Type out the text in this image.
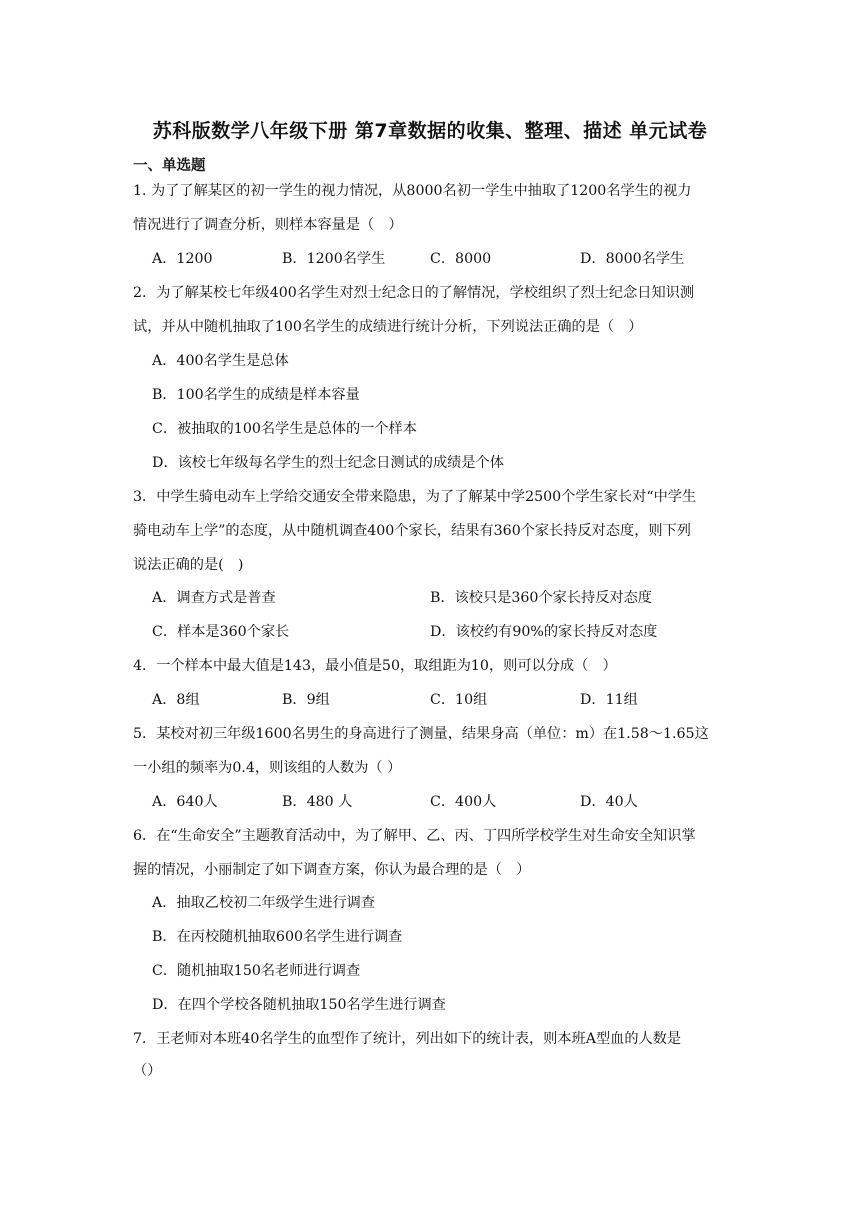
苏科版数学八年级下册 第7章数据的收集、整理、描述 单元试卷
一、单选题
1. 为了了解某区的初一学生的视力情况，从8000名初一学生中抽取了1200名学生的视力
情况进行了调查分析，则样本容量是（　）
A．1200	B．1200名学生	C．8000	D．8000名学生
2．为了解某校七年级400名学生对烈士纪念日的了解情况，学校组织了烈士纪念日知识测
试，并从中随机抽取了100名学生的成绩进行统计分析，下列说法正确的是（　）
A．400名学生是总体
B．100名学生的成绩是样本容量
C．被抽取的100名学生是总体的一个样本
D．该校七年级每名学生的烈士纪念日测试的成绩是个体
3．中学生骑电动车上学给交通安全带来隐患，为了了解某中学2500个学生家长对“中学生
骑电动车上学”的态度，从中随机调查400个家长，结果有360个家长持反对态度，则下列
说法正确的是(　)
A．调查方式是普查	B．该校只是360个家长持反对态度
C．样本是360个家长	D．该校约有90%的家长持反对态度
4．一个样本中最大值是143，最小值是50，取组距为10，则可以分成（　）
A．8组	B．9组	C．10组	D．11组
5．某校对初三年级1600名男生的身高进行了测量，结果身高（单位：m）在1.58～1.65这
一小组的频率为0.4，则该组的人数为（ ）
A．640人	B．480 人	C．400人	D．40人
6．在“生命安全”主题教育活动中，为了解甲、乙、丙、丁四所学校学生对生命安全知识掌
握的情况，小丽制定了如下调查方案，你认为最合理的是（　）
A．抽取乙校初二年级学生进行调查
B．在丙校随机抽取600名学生进行调查
C．随机抽取150名老师进行调查
D．在四个学校各随机抽取150名学生进行调查
7．王老师对本班40名学生的血型作了统计，列出如下的统计表，则本班A型血的人数是
（）
